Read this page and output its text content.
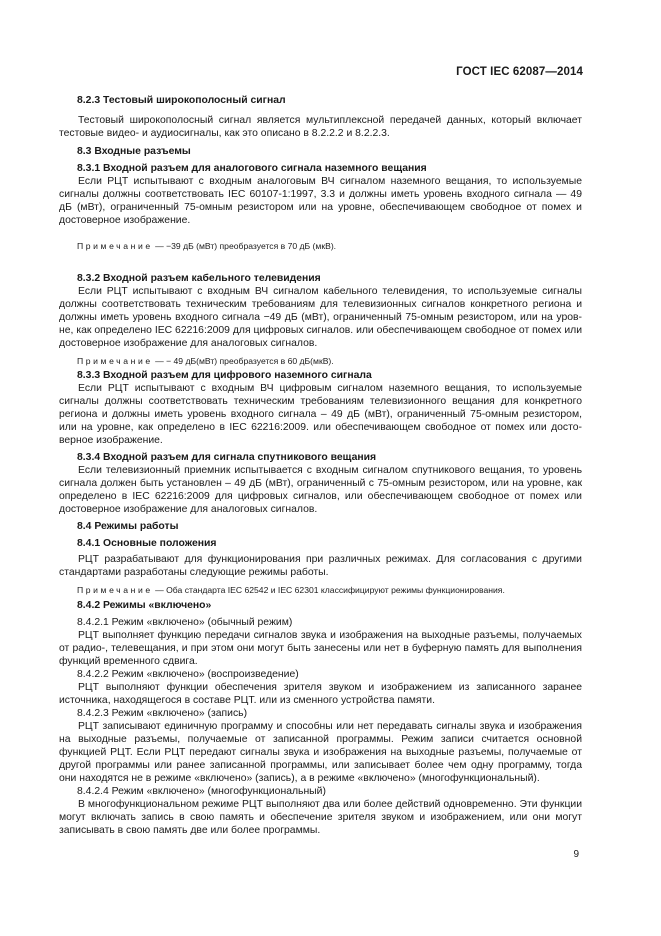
ГОСТ IEC 62087—2014

8.2.3 Тестовый широкополосный сигнал

Тестовый широкополосный сигнал является мультиплексной передачей данных, который включает тестовые видео- и аудиосигналы, как это описано в 8.2.2.2 и 8.2.2.3.

8.3 Входные разъемы

8.3.1 Входной разъем для аналогового сигнала наземного вещания

Если РЦТ испытывают с входным аналоговым ВЧ сигналом наземного вещания, то используемые сигналы должны соответствовать IEC 60107-1:1997, 3.3 и должны иметь уровень входного сигнала — 49 дБ (мВт), ограниченный 75-омным резистором или на уровне, обеспечивающем свободное от помех и достоверное изображение.

Примечание — −39 дБ (мВт) преобразуется в 70 дБ (мкВ).

8.3.2 Входной разъем кабельного телевидения

Если РЦТ испытывают с входным ВЧ сигналом кабельного телевидения, то используемые сигналы должны соответствовать техническим требованиям для телевизионных сигналов конкретного региона и должны иметь уровень входного сигнала −49 дБ (мВт), ограниченный 75-омным резистором, или на уровне, как определено IEC 62216:2009 для цифровых сигналов. или обеспечивающем свободное от помех или достоверное изображение для аналоговых сигналов.

Примечание — − 49 дБ(мВт) преобразуется в 60 дБ(мкВ).

8.3.3 Входной разъем для цифрового наземного сигнала

Если РЦТ испытывают с входным ВЧ цифровым сигналом наземного вещания, то используемые сигналы должны соответствовать техническим требованиям телевизионного вещания для конкретного региона и должны иметь уровень входного сигнала – 49 дБ (мВт), ограниченный 75-омным резистором, или на уровне, как определено в IEC 62216:2009. или обеспечивающем свободное от помех или достоверное изображение.

8.3.4 Входной разъем для сигнала спутникового вещания

Если телевизионный приемник испытывается с входным сигналом спутникового вещания, то уровень сигнала должен быть установлен – 49 дБ (мВт), ограниченный с 75-омным резистором, или на уровне, как определено в IEC 62216:2009 для цифровых сигналов, или обеспечивающем свободное от помех или достоверное изображение для аналоговых сигналов.

8.4 Режимы работы

8.4.1 Основные положения

РЦТ разрабатывают для функционирования при различных режимах. Для согласования с другими стандартами разработаны следующие режимы работы.

Примечание — Оба стандарта IEC 62542 и IEC 62301 классифицируют режимы функционирования.

8.4.2 Режимы «включено»

8.4.2.1 Режим «включено» (обычный режим)

РЦТ выполняет функцию передачи сигналов звука и изображения на выходные разъемы, получаемых от радио-, телевещания, и при этом они могут быть занесены или нет в буферную память для выполнения функций временного сдвига.

8.4.2.2 Режим «включено» (воспроизведение)

РЦТ выполняют функции обеспечения зрителя звуком и изображением из записанного заранее источника, находящегося в составе РЦТ. или из сменного устройства памяти.

8.4.2.3 Режим «включено» (запись)

РЦТ записывают единичную программу и способны или нет передавать сигналы звука и изображения на выходные разъемы, получаемые от записанной программы. Режим записи считается основной функцией РЦТ. Если РЦТ передают сигналы звука и изображения на выходные разъемы, получаемые от другой программы или ранее записанной программы, или записывает более чем одну программу, тогда они находятся не в режиме «включено» (запись), а в режиме «включено» (многофункциональный).

8.4.2.4 Режим «включено» (многофункциональный)

В многофункциональном режиме РЦТ выполняют два или более действий одновременно. Эти функции могут включать запись в свою память и обеспечение зрителя звуком и изображением, или они могут записывать в свою память две или более программы.

9
